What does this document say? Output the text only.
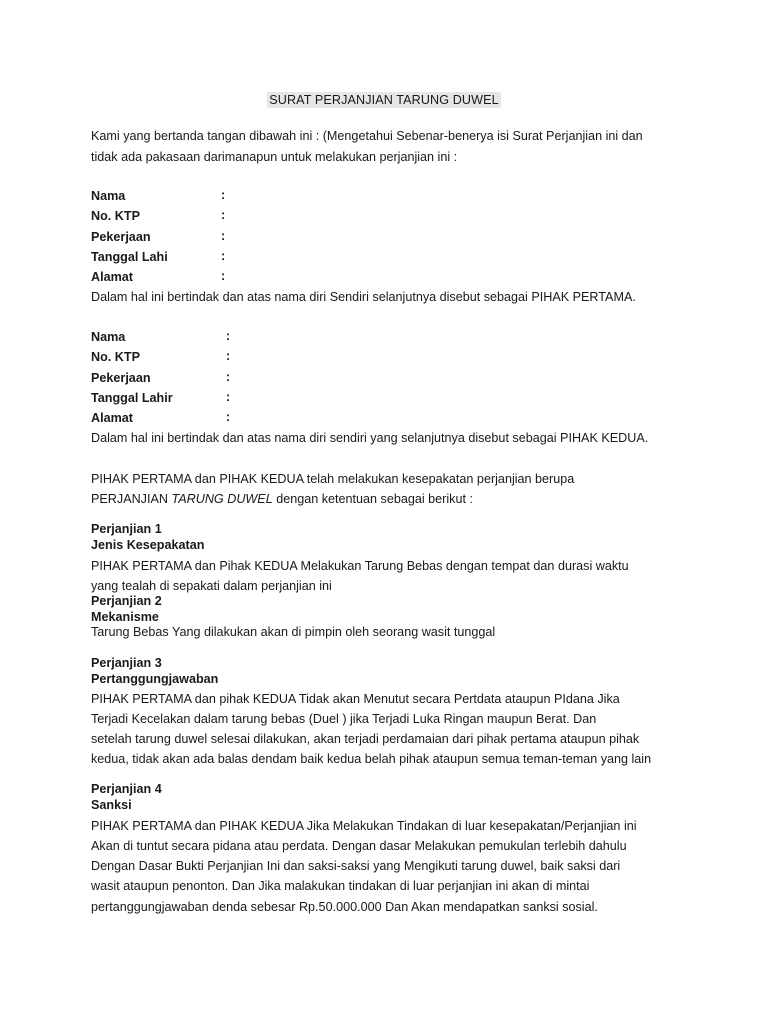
SURAT PERJANJIAN TARUNG DUWEL
Kami yang bertanda tangan dibawah ini : (Mengetahui Sebenar-benerya isi Surat Perjanjian ini dan
tidak ada pakasaan darimanapun untuk melakukan perjanjian ini :
Nama	:
No. KTP	:
Pekerjaan	:
Tanggal Lahi	:
Alamat	:
Dalam hal ini bertindak dan atas nama diri Sendiri selanjutnya disebut sebagai PIHAK PERTAMA.
Nama	:
No. KTP	:
Pekerjaan	:
Tanggal Lahir	:
Alamat	:
Dalam hal ini bertindak dan atas nama diri sendiri yang selanjutnya disebut sebagai PIHAK KEDUA.
PIHAK PERTAMA dan PIHAK KEDUA telah melakukan kesepakatan perjanjian berupa
PERJANJIAN TARUNG DUWEL dengan ketentuan sebagai berikut :
Perjanjian 1
Jenis Kesepakatan
PIHAK PERTAMA dan Pihak KEDUA Melakukan Tarung Bebas dengan tempat dan durasi waktu
yang tealah di sepakati dalam perjanjian ini
Perjanjian 2
Mekanisme
Tarung Bebas Yang dilakukan akan di pimpin oleh seorang wasit tunggal
Perjanjian 3
Pertanggungjawaban
PIHAK PERTAMA dan pihak KEDUA Tidak akan Menutut secara Pertdata ataupun PIdana Jika
Terjadi Kecelakan dalam tarung bebas (Duel ) jika Terjadi Luka Ringan maupun Berat. Dan
setelah tarung duwel selesai dilakukan, akan terjadi perdamaian dari pihak pertama ataupun pihak
kedua, tidak akan ada balas dendam baik kedua belah pihak ataupun semua teman-teman yang lain
Perjanjian 4
Sanksi
PIHAK PERTAMA dan PIHAK KEDUA Jika Melakukan Tindakan di luar kesepakatan/Perjanjian ini
Akan di tuntut secara pidana atau perdata. Dengan dasar Melakukan pemukulan terlebih dahulu
Dengan Dasar Bukti Perjanjian Ini dan saksi-saksi yang Mengikuti tarung duwel, baik saksi dari
wasit ataupun penonton. Dan Jika malakukan tindakan di luar perjanjian ini akan di mintai
pertanggungjawaban denda sebesar Rp.50.000.000 Dan Akan mendapatkan sanksi sosial.
